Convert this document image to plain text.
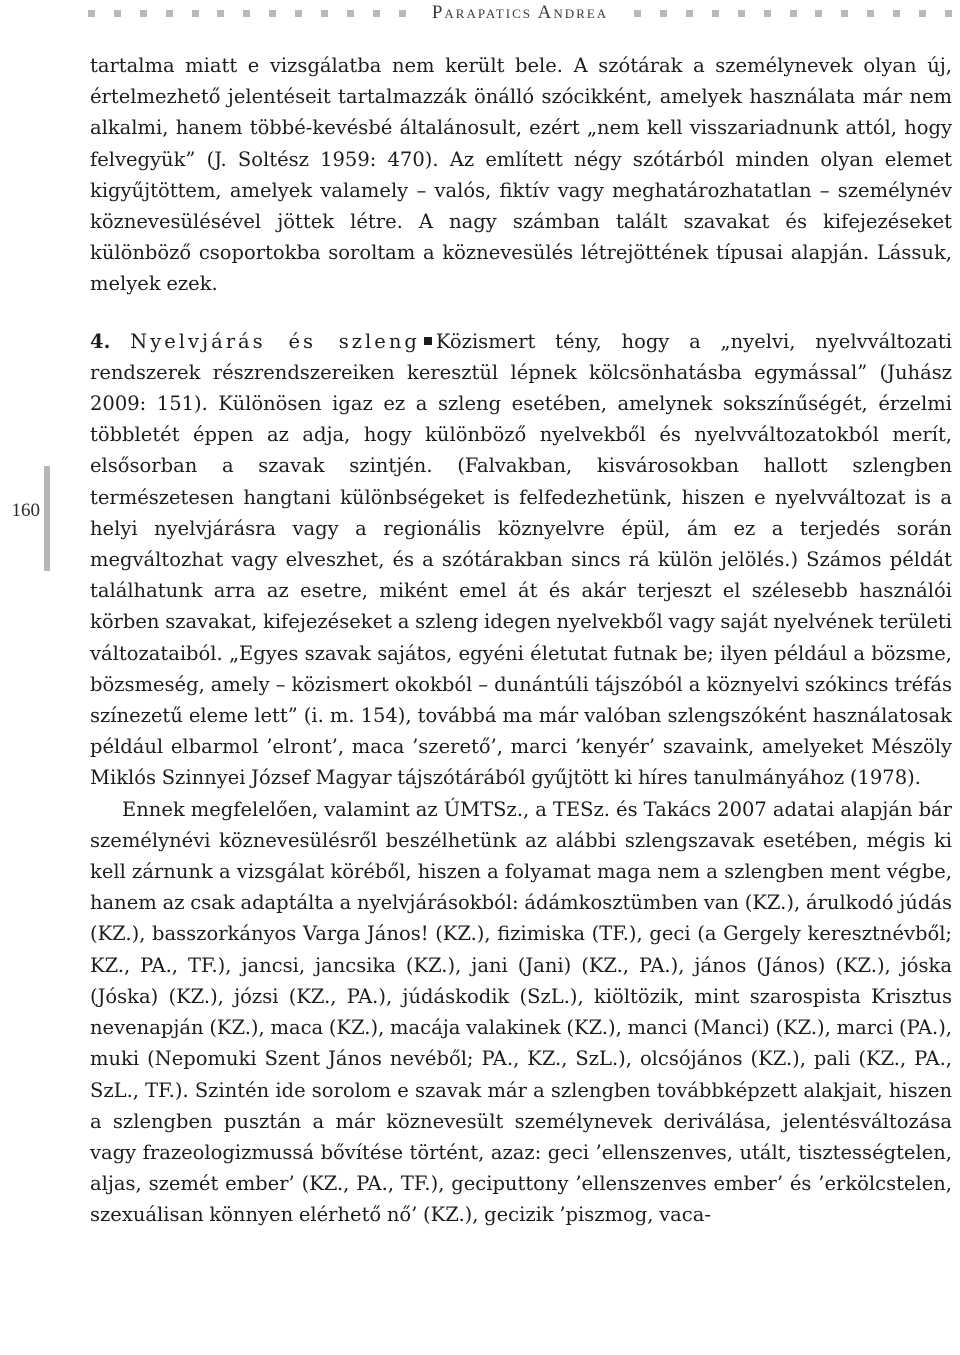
Parapatics Andrea
160

tartalma miatt e vizsgálatba nem került bele. A szótárak a személynevek olyan új, értelmezhető jelentéseit tartalmazzák önálló szócikként, amelyek használata már nem alkalmi, hanem többé-kevésbé általánosult, ezért „nem kell visszariadnunk attól, hogy felvegyük” (J. Soltész 1959: 470). Az említett négy szótárból minden olyan elemet kigyűjtöttem, amelyek valamely – valós, fiktív vagy meghatározhatatlan – személynév köznevesülésével jöttek létre. A nagy számban talált szavakat és kifejezéseket különböző csoportokba soroltam a köznevesülés létrejöttének típusai alapján. Lássuk, melyek ezek.

4. Nyelvjárás és szleng Közismert tény, hogy a „nyelvi, nyelvváltozati rendszerek részrendszereiken keresztül lépnek kölcsönhatásba egymással” (Juhász 2009: 151). Különösen igaz ez a szleng esetében, amelynek sokszínűségét, érzelmi többletét éppen az adja, hogy különböző nyelvekből és nyelvváltozatokból merít, elsősorban a szavak szintjén. (Falvakban, kisvárosokban hallott szlengben természetesen hangtani különbségeket is felfedezhetünk, hiszen e nyelvváltozat is a helyi nyelvjárásra vagy a regionális köznyelvre épül, ám ez a terjedés során megváltozhat vagy elveszhet, és a szótárakban sincs rá külön jelölés.) Számos példát találhatunk arra az esetre, miként emel át és akár terjeszt el szélesebb használói körben szavakat, kifejezéseket a szleng idegen nyelvekből vagy saját nyelvének területi változataiból. „Egyes szavak sajátos, egyéni életutat futnak be; ilyen például a bözsme, bözsmeség, amely – közismert okokból – dunántúli tájszóból a köznyelvi szókincs tréfás színezetű eleme lett” (i. m. 154), továbbá ma már valóban szlengszóként használatosak például elbarmol ’elront’, maca ’szerető’, marci ’kenyér’ szavaink, amelyeket Mészöly Miklós Szinnyei József Magyar tájszótárából gyűjtött ki híres tanulmányához (1978).

Ennek megfelelően, valamint az ÚMTSz., a TESz. és Takács 2007 adatai alapján bár személynévi köznevesülésről beszélhetünk az alábbi szlengszavak esetében, mégis ki kell zárnunk a vizsgálat köréből, hiszen a folyamat maga nem a szlengben ment végbe, hanem az csak adaptálta a nyelvjárásokból: ádámkosztümben van (KZ.), árulkodó júdás (KZ.), basszorkányos Varga János! (KZ.), fizimiska (TF.), geci (a Gergely keresztnévből; KZ., PA., TF.), jancsi, jancsika (KZ.), jani (Jani) (KZ., PA.), jános (János) (KZ.), jóska (Jóska) (KZ.), józsi (KZ., PA.), júdáskodik (SzL.), kiöltözik, mint szarospista Krisztus nevenapján (KZ.), maca (KZ.), macája valakinek (KZ.), manci (Manci) (KZ.), marci (PA.), muki (Nepomuki Szent János nevéből; PA., KZ., SzL.), olcsójános (KZ.), pali (KZ., PA., SzL., TF.). Szintén ide sorolom e szavak már a szlengben továbbképzett alakjait, hiszen a szlengben pusztán a már köznevesült személynevek deriválása, jelentésváltozása vagy frazeologizmussá bővítése történt, azaz: geci ’ellenszenves, utált, tisztességtelen, aljas, szemét ember’ (KZ., PA., TF.), geciputtony ’ellenszenves ember’ és ’erkölcstelen, szexuálisan könnyen elérhető nő’ (KZ.), gecizik ’piszmog, vaca-
